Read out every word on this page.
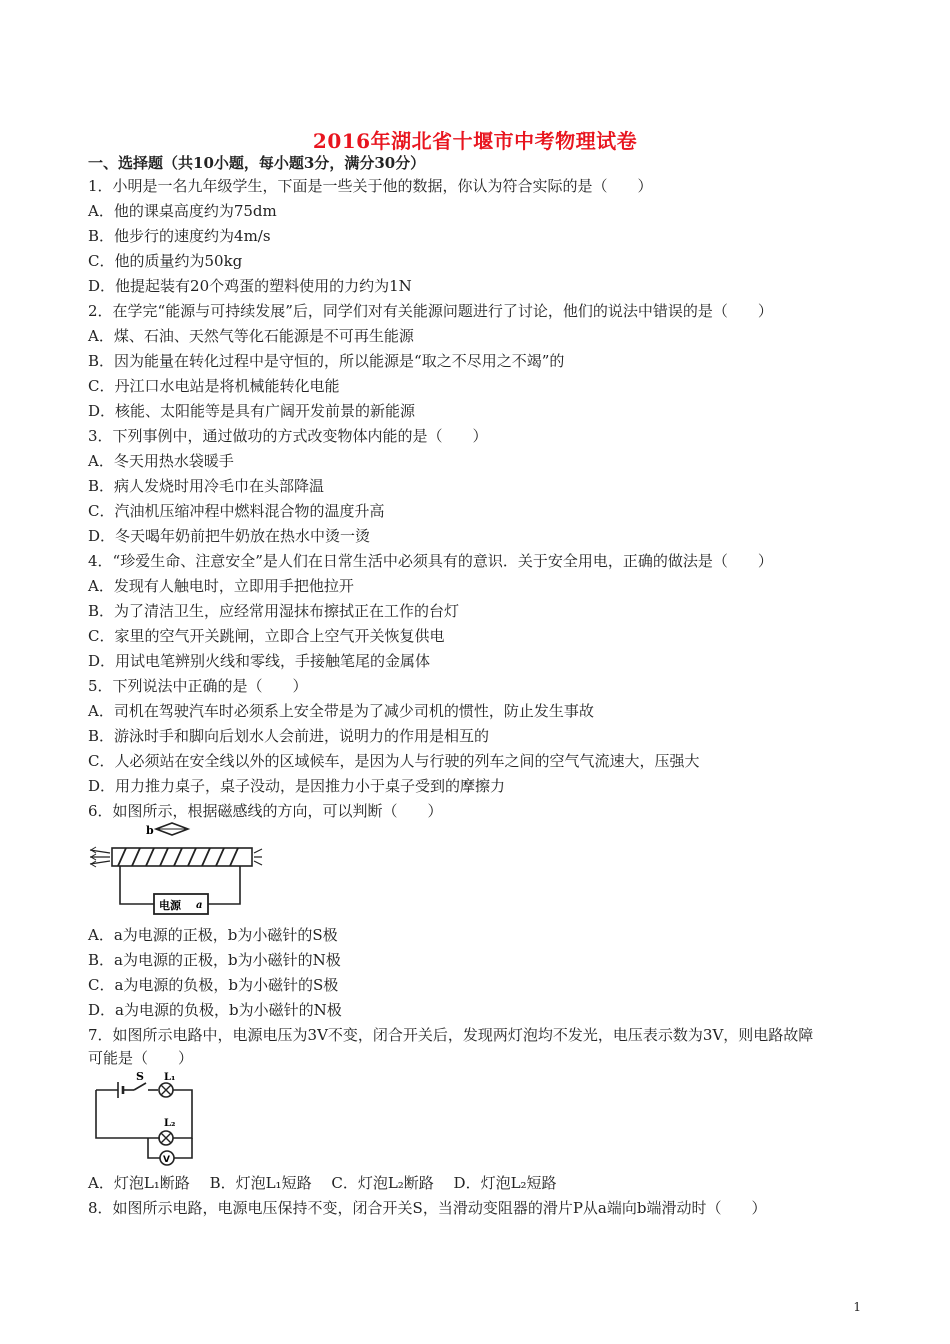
2016年湖北省十堰市中考物理试卷
一、选择题（共10小题，每小题3分，满分30分）
1．小明是一名九年级学生，下面是一些关于他的数据，你认为符合实际的是（　　）
A．他的课桌高度约为75dm
B．他步行的速度约为4m/s
C．他的质量约为50kg
D．他提起装有20个鸡蛋的塑料使用的力约为1N
2．在学完“能源与可持续发展”后，同学们对有关能源问题进行了讨论，他们的说法中错误的是（　　）
A．煤、石油、天然气等化石能源是不可再生能源
B．因为能量在转化过程中是守恒的，所以能源是“取之不尽用之不竭”的
C．丹江口水电站是将机械能转化电能
D．核能、太阳能等是具有广阔开发前景的新能源
3．下列事例中，通过做功的方式改变物体内能的是（　　）
A．冬天用热水袋暖手
B．病人发烧时用冷毛巾在头部降温
C．汽油机压缩冲程中燃料混合物的温度升高
D．冬天喝年奶前把牛奶放在热水中烫一烫
4．“珍爱生命、注意安全”是人们在日常生活中必须具有的意识．关于安全用电，正确的做法是（　　）
A．发现有人触电时，立即用手把他拉开
B．为了清洁卫生，应经常用湿抹布擦拭正在工作的台灯
C．家里的空气开关跳闸，立即合上空气开关恢复供电
D．用试电笔辨别火线和零线，手接触笔尾的金属体
5．下列说法中正确的是（　　）
A．司机在驾驶汽车时必须系上安全带是为了减少司机的惯性，防止发生事故
B．游泳时手和脚向后划水人会前进，说明力的作用是相互的
C．人必须站在安全线以外的区域候车，是因为人与行驶的列车之间的空气气流速大，压强大
D．用力推力桌子，桌子没动，是因推力小于桌子受到的摩擦力
6．如图所示，根据磁感线的方向，可以判断（　　）
b
电源 a
A．a为电源的正极，b为小磁针的S极
B．a为电源的正极，b为小磁针的N极
C．a为电源的负极，b为小磁针的S极
D．a为电源的负极，b为小磁针的N极
7．如图所示电路中，电源电压为3V不变，闭合开关后，发现两灯泡均不发光，电压表示数为3V，则电路故障
可能是（　　）
S L₁
L₂
V
A．灯泡L₁断路　 B．灯泡L₁短路　 C．灯泡L₂断路　 D．灯泡L₂短路
8．如图所示电路，电源电压保持不变，闭合开关S，当滑动变阻器的滑片P从a端向b端滑动时（　　）
1
